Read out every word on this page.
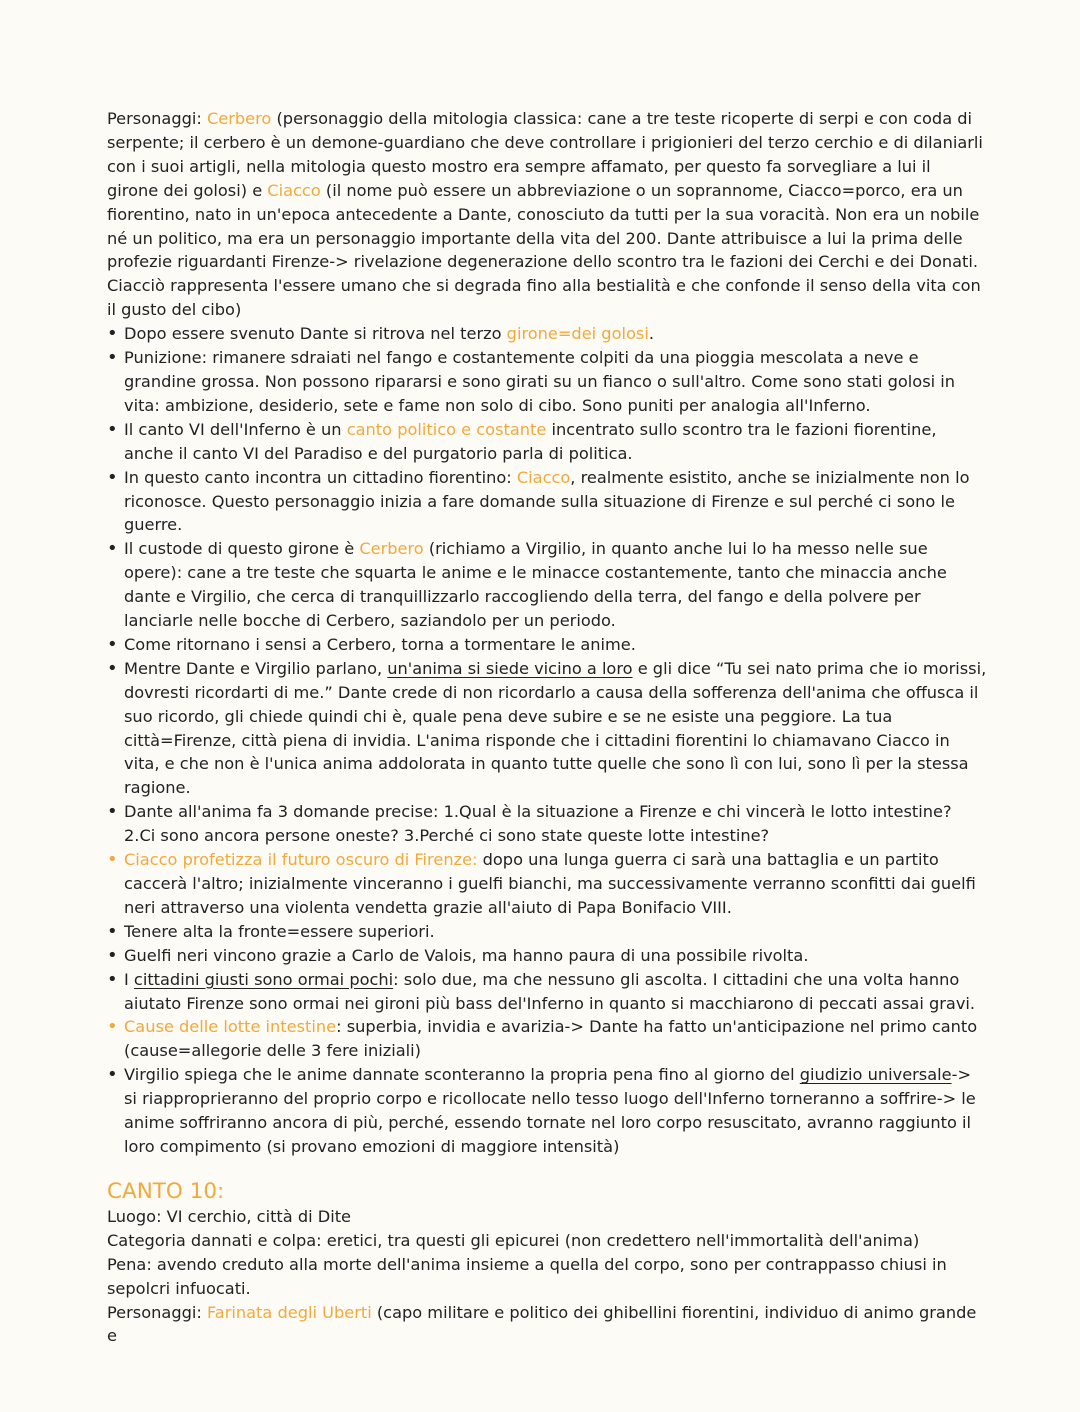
Personaggi: Cerbero (personaggio della mitologia classica: cane a tre teste ricoperte di serpi e con coda di serpente; il cerbero è un demone-guardiano che deve controllare i prigionieri del terzo cerchio e di dilaniarli con i suoi artigli, nella mitologia questo mostro era sempre affamato, per questo fa sorvegliare a lui il girone dei golosi) e Ciacco (il nome può essere un abbreviazione o un soprannome, Ciacco=porco, era un fiorentino, nato in un'epoca antecedente a Dante, conosciuto da tutti per la sua voracità. Non era un nobile né un politico, ma era un personaggio importante della vita del 200. Dante attribuisce a lui la prima delle profezie riguardanti Firenze-> rivelazione degenerazione dello scontro tra le fazioni dei Cerchi e dei Donati. Ciacciò rappresenta l'essere umano che si degrada fino alla bestialità e che confonde il senso della vita con il gusto del cibo)

• Dopo essere svenuto Dante si ritrova nel terzo girone=dei golosi.
• Punizione: rimanere sdraiati nel fango e costantemente colpiti da una pioggia mescolata a neve e grandine grossa. Non possono ripararsi e sono girati su un fianco o sull'altro. Come sono stati golosi in vita: ambizione, desiderio, sete e fame non solo di cibo. Sono puniti per analogia all'Inferno.
• Il canto VI dell'Inferno è un canto politico e costante incentrato sullo scontro tra le fazioni fiorentine, anche il canto VI del Paradiso e del purgatorio parla di politica.
• In questo canto incontra un cittadino fiorentino: Ciacco, realmente esistito, anche se inizialmente non lo riconosce. Questo personaggio inizia a fare domande sulla situazione di Firenze e sul perché ci sono le guerre.
• Il custode di questo girone è Cerbero (richiamo a Virgilio, in quanto anche lui lo ha messo nelle sue opere): cane a tre teste che squarta le anime e le minacce costantemente, tanto che minaccia anche dante e Virgilio, che cerca di tranquillizzarlo raccogliendo della terra, del fango e della polvere per lanciarle nelle bocche di Cerbero, saziandolo per un periodo.
• Come ritornano i sensi a Cerbero, torna a tormentare le anime.
• Mentre Dante e Virgilio parlano, un'anima si siede vicino a loro e gli dice “Tu sei nato prima che io morissi, dovresti ricordarti di me.” Dante crede di non ricordarlo a causa della sofferenza dell'anima che offusca il suo ricordo, gli chiede quindi chi è, quale pena deve subire e se ne esiste una peggiore. La tua città=Firenze, città piena di invidia. L'anima risponde che i cittadini fiorentini lo chiamavano Ciacco in vita, e che non è l'unica anima addolorata in quanto tutte quelle che sono lì con lui, sono lì per la stessa ragione.
• Dante all'anima fa 3 domande precise: 1.Qual è la situazione a Firenze e chi vincerà le lotto intestine? 2.Ci sono ancora persone oneste? 3.Perché ci sono state queste lotte intestine?
• Ciacco profetizza il futuro oscuro di Firenze: dopo una lunga guerra ci sarà una battaglia e un partito caccerà l'altro; inizialmente vinceranno i guelfi bianchi, ma successivamente verranno sconfitti dai guelfi neri attraverso una violenta vendetta grazie all'aiuto di Papa Bonifacio VIII.
• Tenere alta la fronte=essere superiori.
• Guelfi neri vincono grazie a Carlo de Valois, ma hanno paura di una possibile rivolta.
• I cittadini giusti sono ormai pochi: solo due, ma che nessuno gli ascolta. I cittadini che una volta hanno aiutato Firenze sono ormai nei gironi più bass del'Inferno in quanto si macchiarono di peccati assai gravi.
• Cause delle lotte intestine: superbia, invidia e avarizia-> Dante ha fatto un'anticipazione nel primo canto (cause=allegorie delle 3 fere iniziali)
• Virgilio spiega che le anime dannate sconteranno la propria pena fino al giorno del giudizio universale-> si riapproprieranno del proprio corpo e ricollocate nello tesso luogo dell'Inferno torneranno a soffrire-> le anime soffriranno ancora di più, perché, essendo tornate nel loro corpo resuscitato, avranno raggiunto il loro compimento (si provano emozioni di maggiore intensità)
CANTO 10:

Luogo: VI cerchio, città di Dite

Categoria dannati e colpa: eretici, tra questi gli epicurei (non credettero nell'immortalità dell'anima)

Pena: avendo creduto alla morte dell'anima insieme a quella del corpo, sono per contrappasso chiusi in sepolcri infuocati.

Personaggi: Farinata degli Uberti (capo militare e politico dei ghibellini fiorentini, individuo di animo grande e
